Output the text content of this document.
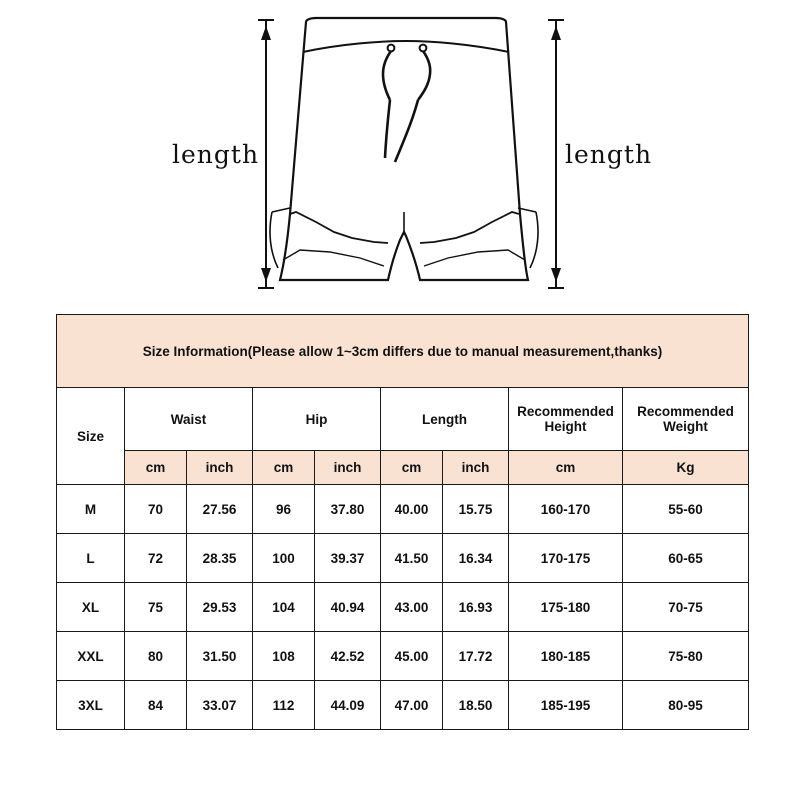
length	length
Size Information(Please allow 1~3cm differs due to manual measurement,thanks)								
Size	Waist		Hip		Length		Recommended Height	Recommended Weight
	cm	inch	cm	inch	cm	inch	cm	Kg
M	70	27.56	96	37.80	40.00	15.75	160-170	55-60
L	72	28.35	100	39.37	41.50	16.34	170-175	60-65
XL	75	29.53	104	40.94	43.00	16.93	175-180	70-75
XXL	80	31.50	108	42.52	45.00	17.72	180-185	75-80
3XL	84	33.07	112	44.09	47.00	18.50	185-195	80-95
